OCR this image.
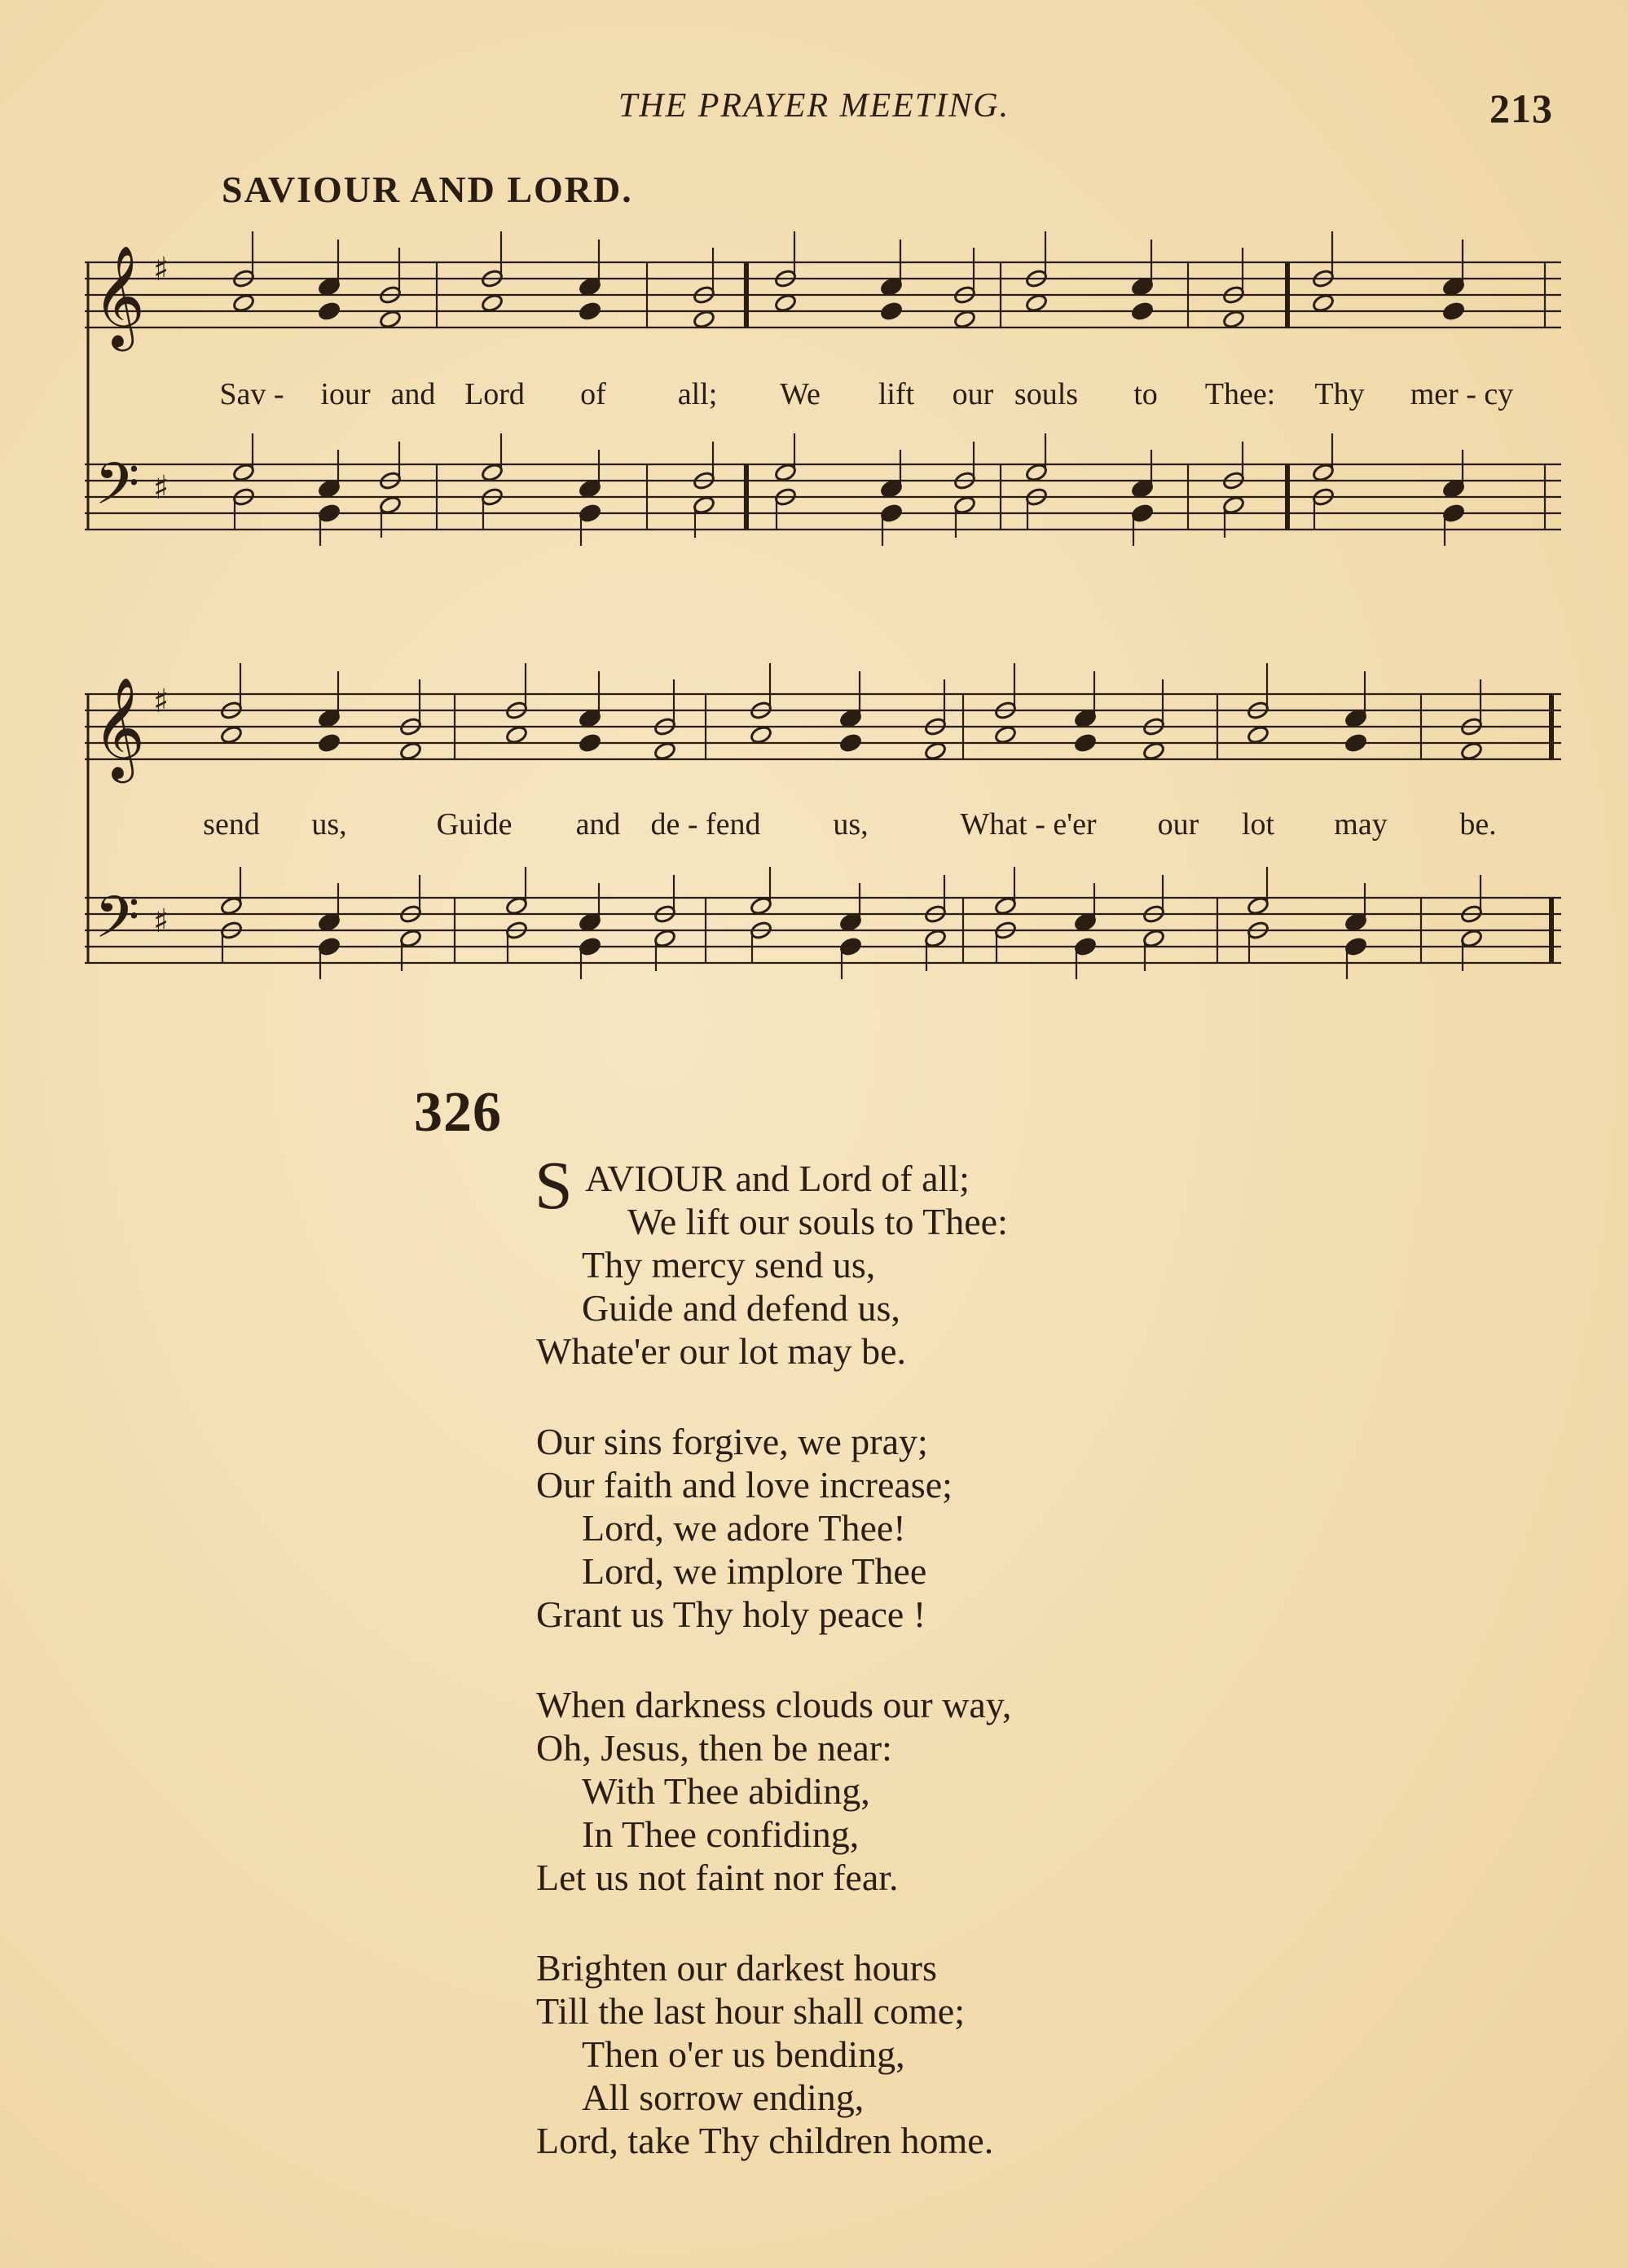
THE PRAYER MEETING.	213
SAVIOUR AND LORD.
𝄞
𝄢
♯
♯
Sav - iour and Lord of all; We lift our souls to Thee: Thy mer - cy
𝄞
𝄢
♯
♯
send us,	Guide and de - fend us,	What - e'er our lot may be.
326
S AVIOUR and Lord of all;
We lift our souls to Thee:
Thy mercy send us,
Guide and defend us,
Whate'er our lot may be.
Our sins forgive, we pray;
Our faith and love increase;
Lord, we adore Thee!
Lord, we implore Thee
Grant us Thy holy peace !
When darkness clouds our way,
Oh, Jesus, then be near:
With Thee abiding,
In Thee confiding,
Let us not faint nor fear.
Brighten our darkest hours
Till the last hour shall come;
Then o'er us bending,
All sorrow ending,
Lord, take Thy children home.
